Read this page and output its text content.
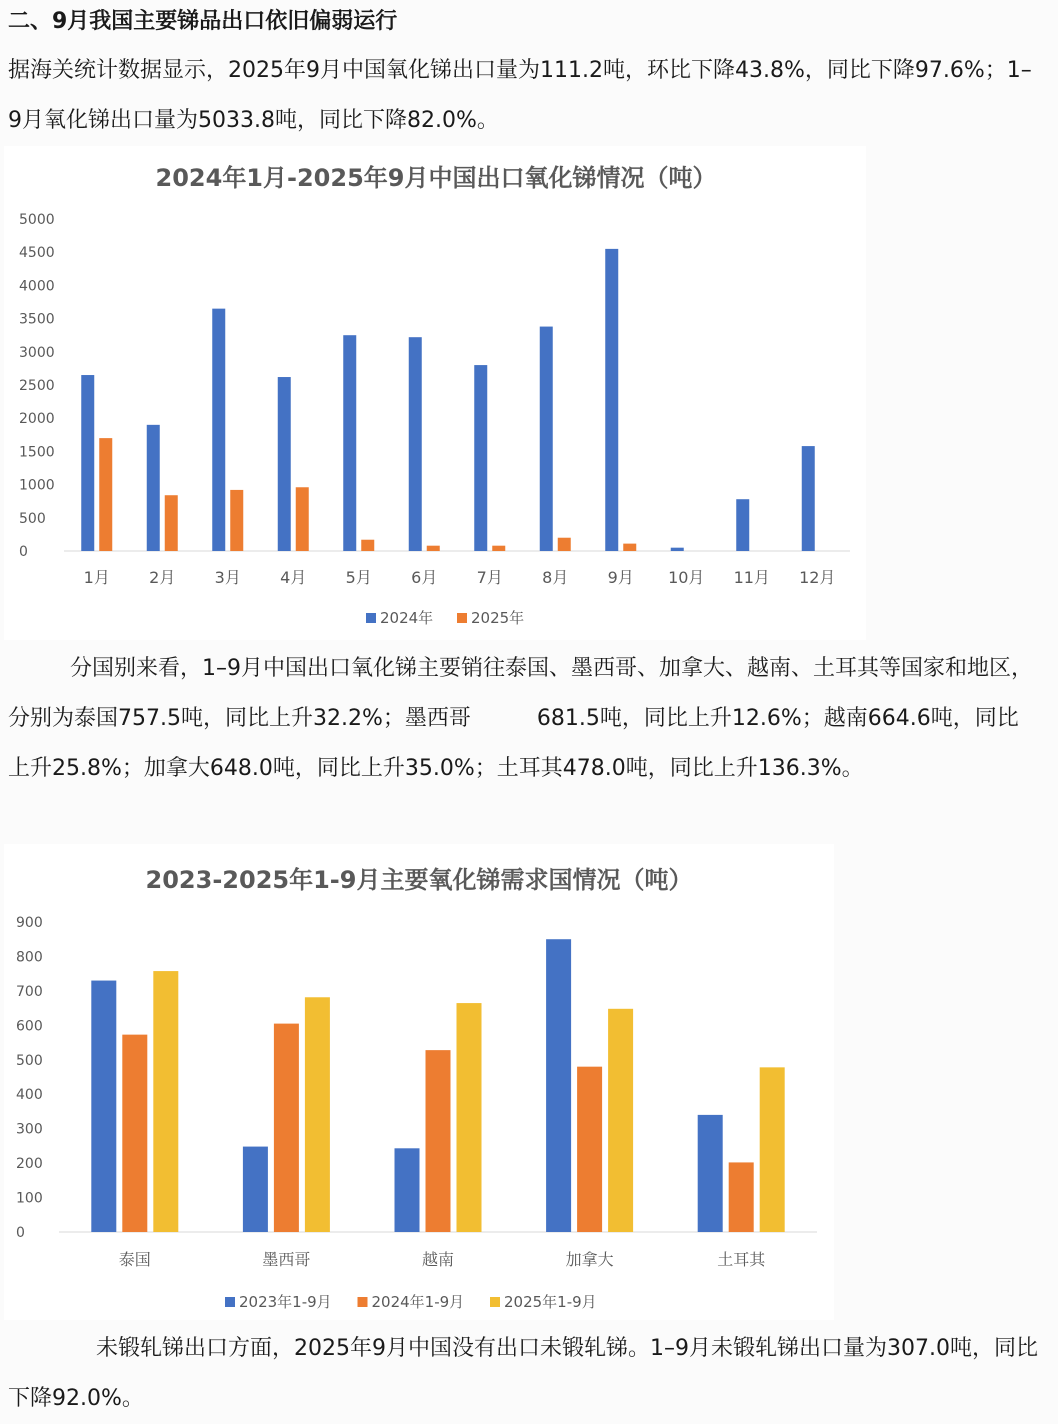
二、9月我国主要锑品出口依旧偏弱运行

据海关统计数据显示，2025年9月中国氧化锑出口量为111.2吨，环比下降43.8%，同比下降97.6%；1–9月氧化锑出口量为5033.8吨，同比下降82.0%。

2024年1月-2025年9月中国出口氧化锑情况（吨）
0
500
1000
1500
2000
2500
3000
3500
4000
4500
5000
1月 2月 3月 4月 5月 6月 7月 8月 9月 10月 11月 12月
2024年	2025年

分国别来看，1–9月中国出口氧化锑主要销往泰国、墨西哥、加拿大、越南、土耳其等国家和地区，分别为泰国757.5吨，同比上升32.2%；墨西哥　　　681.5吨，同比上升12.6%；越南664.6吨，同比上升25.8%；加拿大648.0吨，同比上升35.0%；土耳其478.0吨，同比上升136.3%。

2023-2025年1-9月主要氧化锑需求国情况（吨）
0
100
200
300
400
500
600
700
800
900
泰国	墨西哥	越南	加拿大	土耳其
2023年1-9月	2024年1-9月	2025年1-9月

未锻轧锑出口方面，2025年9月中国没有出口未锻轧锑。1–9月未锻轧锑出口量为307.0吨，同比下降92.0%。
